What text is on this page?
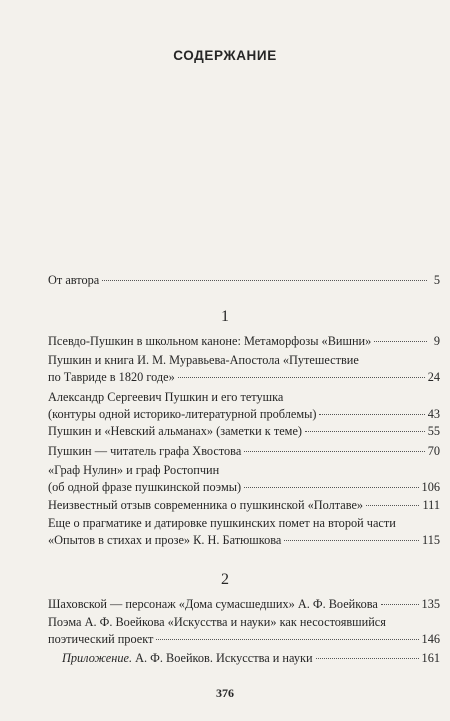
СОДЕРЖАНИЕ
От автора	5
1
Псевдо-Пушкин в школьном каноне: Метаморфозы «Вишни»	9
Пушкин и книга И. М. Муравьева-Апостола «Путешествие
по Тавриде в 1820 годе»	24
Александр Сергеевич Пушкин и его тетушка
(контуры одной историко-литературной проблемы)	43
Пушкин и «Невский альманах» (заметки к теме)	55
Пушкин — читатель графа Хвостова	70
«Граф Нулин» и граф Ростопчин
(об одной фразе пушкинской поэмы)	106
Неизвестный отзыв современника о пушкинской «Полтаве»	111
Еще о прагматике и датировке пушкинских помет на второй части
«Опытов в стихах и прозе» К. Н. Батюшкова	115
2
Шаховской — персонаж «Дома сумасшедших» А. Ф. Воейкова	135
Поэма А. Ф. Воейкова «Искусства и науки» как несостоявшийся
поэтический проект	146
Приложение. А. Ф. Воейков. Искусства и науки	161
376
